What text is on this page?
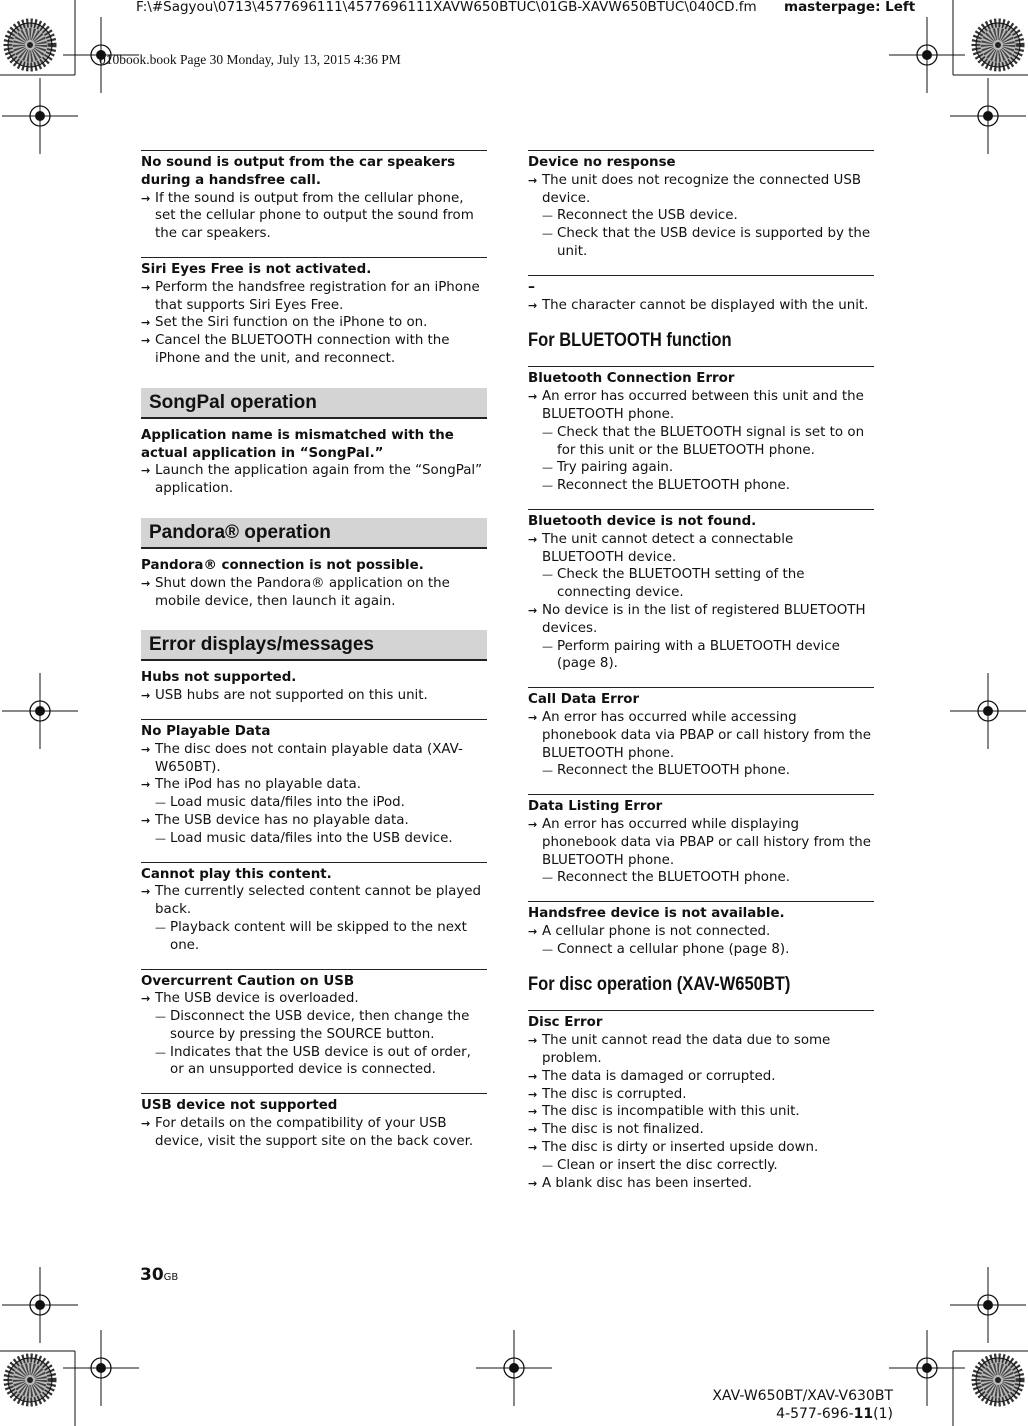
F:\#Sagyou\0713\4577696111\4577696111XAVW650BTUC\01GB-XAVW650BTUC\040CD.fm masterpage: Left
010book.book Page 30 Monday, July 13, 2015 4:36 PM
No sound is output from the car speakers during a handsfree call.
→ If the sound is output from the cellular phone, set the cellular phone to output the sound from the car speakers.
Siri Eyes Free is not activated.
→ Perform the handsfree registration for an iPhone that supports Siri Eyes Free.
→ Set the Siri function on the iPhone to on.
→ Cancel the BLUETOOTH connection with the iPhone and the unit, and reconnect.
SongPal operation
Application name is mismatched with the actual application in “SongPal.”
→ Launch the application again from the “SongPal” application.
Pandora® operation
Pandora® connection is not possible.
→ Shut down the Pandora® application on the mobile device, then launch it again.
Error displays/messages
Hubs not supported.
→ USB hubs are not supported on this unit.
No Playable Data
→ The disc does not contain playable data (XAV-W650BT).
→ The iPod has no playable data.
— Load music data/files into the iPod.
→ The USB device has no playable data.
— Load music data/files into the USB device.
Cannot play this content.
→ The currently selected content cannot be played back.
— Playback content will be skipped to the next one.
Overcurrent Caution on USB
→ The USB device is overloaded.
— Disconnect the USB device, then change the source by pressing the SOURCE button.
— Indicates that the USB device is out of order, or an unsupported device is connected.
USB device not supported
→ For details on the compatibility of your USB device, visit the support site on the back cover.
Device no response
→ The unit does not recognize the connected USB device.
— Reconnect the USB device.
— Check that the USB device is supported by the unit.
–
→ The character cannot be displayed with the unit.
For BLUETOOTH function
Bluetooth Connection Error
→ An error has occurred between this unit and the BLUETOOTH phone.
— Check that the BLUETOOTH signal is set to on for this unit or the BLUETOOTH phone.
— Try pairing again.
— Reconnect the BLUETOOTH phone.
Bluetooth device is not found.
→ The unit cannot detect a connectable BLUETOOTH device.
— Check the BLUETOOTH setting of the connecting device.
→ No device is in the list of registered BLUETOOTH devices.
— Perform pairing with a BLUETOOTH device (page 8).
Call Data Error
→ An error has occurred while accessing phonebook data via PBAP or call history from the BLUETOOTH phone.
— Reconnect the BLUETOOTH phone.
Data Listing Error
→ An error has occurred while displaying phonebook data via PBAP or call history from the BLUETOOTH phone.
— Reconnect the BLUETOOTH phone.
Handsfree device is not available.
→ A cellular phone is not connected.
— Connect a cellular phone (page 8).
For disc operation (XAV-W650BT)
Disc Error
→ The unit cannot read the data due to some problem.
→ The data is damaged or corrupted.
→ The disc is corrupted.
→ The disc is incompatible with this unit.
→ The disc is not finalized.
→ The disc is dirty or inserted upside down.
— Clean or insert the disc correctly.
→ A blank disc has been inserted.
30GB
XAV-W650BT/XAV-V630BT
4-577-696-11(1)
